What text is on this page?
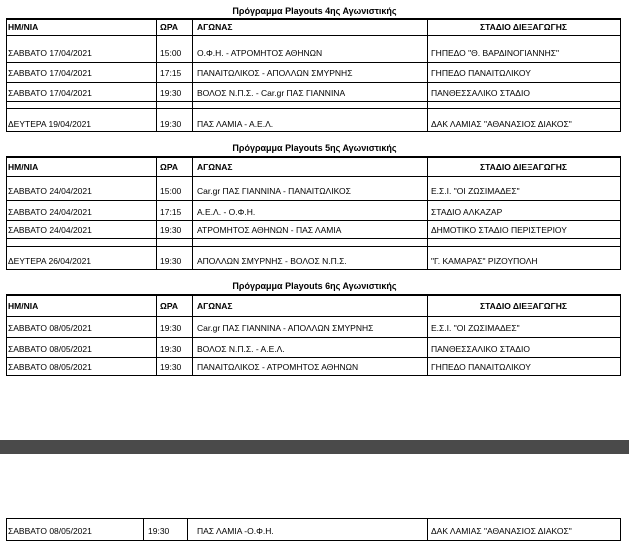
Πρόγραμμα Playouts 4ης Αγωνιστικής
ΗΜ/ΝΙΑ	ΩΡΑ ΑΓΩΝΑΣ	ΣΤΑΔΙΟ ΔΙΕΞΑΓΩΓΗΣ
ΣΑΒΒΑΤΟ 17/04/2021	15:00 Ο.Φ.Η. - ΑΤΡΟΜΗΤΟΣ ΑΘΗΝΩΝ	ΓΗΠΕΔΟ "Θ. ΒΑΡΔΙΝΟΓΙΑΝΝΗΣ"
ΣΑΒΒΑΤΟ 17/04/2021	17:15 ΠΑΝΑΙΤΩΛΙΚΟΣ - ΑΠΟΛΛΩΝ ΣΜΥΡΝΗΣ	ΓΗΠΕΔΟ ΠΑΝΑΙΤΩΛΙΚΟΥ
ΣΑΒΒΑΤΟ 17/04/2021	19:30 ΒΟΛΟΣ Ν.Π.Σ. - Car.gr ΠΑΣ ΓΙΑΝΝΙΝΑ	ΠΑΝΘΕΣΣΑΛΙΚΟ ΣΤΑΔΙΟ
ΔΕΥΤΕΡΑ 19/04/2021	19:30 ΠΑΣ ΛΑΜΙΑ - Α.Ε.Λ.	ΔΑΚ ΛΑΜΙΑΣ "ΑΘΑΝΑΣΙΟΣ ΔΙΑΚΟΣ"
Πρόγραμμα Playouts 5ης Αγωνιστικής
ΗΜ/ΝΙΑ	ΩΡΑ ΑΓΩΝΑΣ	ΣΤΑΔΙΟ ΔΙΕΞΑΓΩΓΗΣ
ΣΑΒΒΑΤΟ 24/04/2021	15:00 Car.gr ΠΑΣ ΓΙΑΝΝΙΝΑ - ΠΑΝΑΙΤΩΛΙΚΟΣ	Ε.Σ.Ι. "ΟΙ ΖΩΣΙΜΑΔΕΣ"
ΣΑΒΒΑΤΟ 24/04/2021	17:15 Α.Ε.Λ. - Ο.Φ.Η.	ΣΤΑΔΙΟ ΑΛΚΑΖΑΡ
ΣΑΒΒΑΤΟ 24/04/2021	19:30 ΑΤΡΟΜΗΤΟΣ ΑΘΗΝΩΝ - ΠΑΣ ΛΑΜΙΑ	ΔΗΜΟΤΙΚΟ ΣΤΑΔΙΟ ΠΕΡΙΣΤΕΡΙΟΥ
ΔΕΥΤΕΡΑ 26/04/2021	19:30 ΑΠΟΛΛΩΝ ΣΜΥΡΝΗΣ - ΒΟΛΟΣ Ν.Π.Σ.	"Γ. ΚΑΜΑΡΑΣ" ΡΙΖΟΥΠΟΛΗ
Πρόγραμμα Playouts 6ης Αγωνιστικής
ΗΜ/ΝΙΑ	ΩΡΑ ΑΓΩΝΑΣ	ΣΤΑΔΙΟ ΔΙΕΞΑΓΩΓΗΣ
ΣΑΒΒΑΤΟ 08/05/2021	19:30 Car.gr ΠΑΣ ΓΙΑΝΝΙΝΑ - ΑΠΟΛΛΩΝ ΣΜΥΡΝΗΣ	Ε.Σ.Ι. "ΟΙ ΖΩΣΙΜΑΔΕΣ"
ΣΑΒΒΑΤΟ 08/05/2021	19:30 ΒΟΛΟΣ Ν.Π.Σ. - Α.Ε.Λ.	ΠΑΝΘΕΣΣΑΛΙΚΟ ΣΤΑΔΙΟ
ΣΑΒΒΑΤΟ 08/05/2021	19:30 ΠΑΝΑΙΤΩΛΙΚΟΣ - ΑΤΡΟΜΗΤΟΣ ΑΘΗΝΩΝ	ΓΗΠΕΔΟ ΠΑΝΑΙΤΩΛΙΚΟΥ
ΣΑΒΒΑΤΟ 08/05/2021	19:30	ΠΑΣ ΛΑΜΙΑ -Ο.Φ.Η.	ΔΑΚ ΛΑΜΙΑΣ "ΑΘΑΝΑΣΙΟΣ ΔΙΑΚΟΣ"
